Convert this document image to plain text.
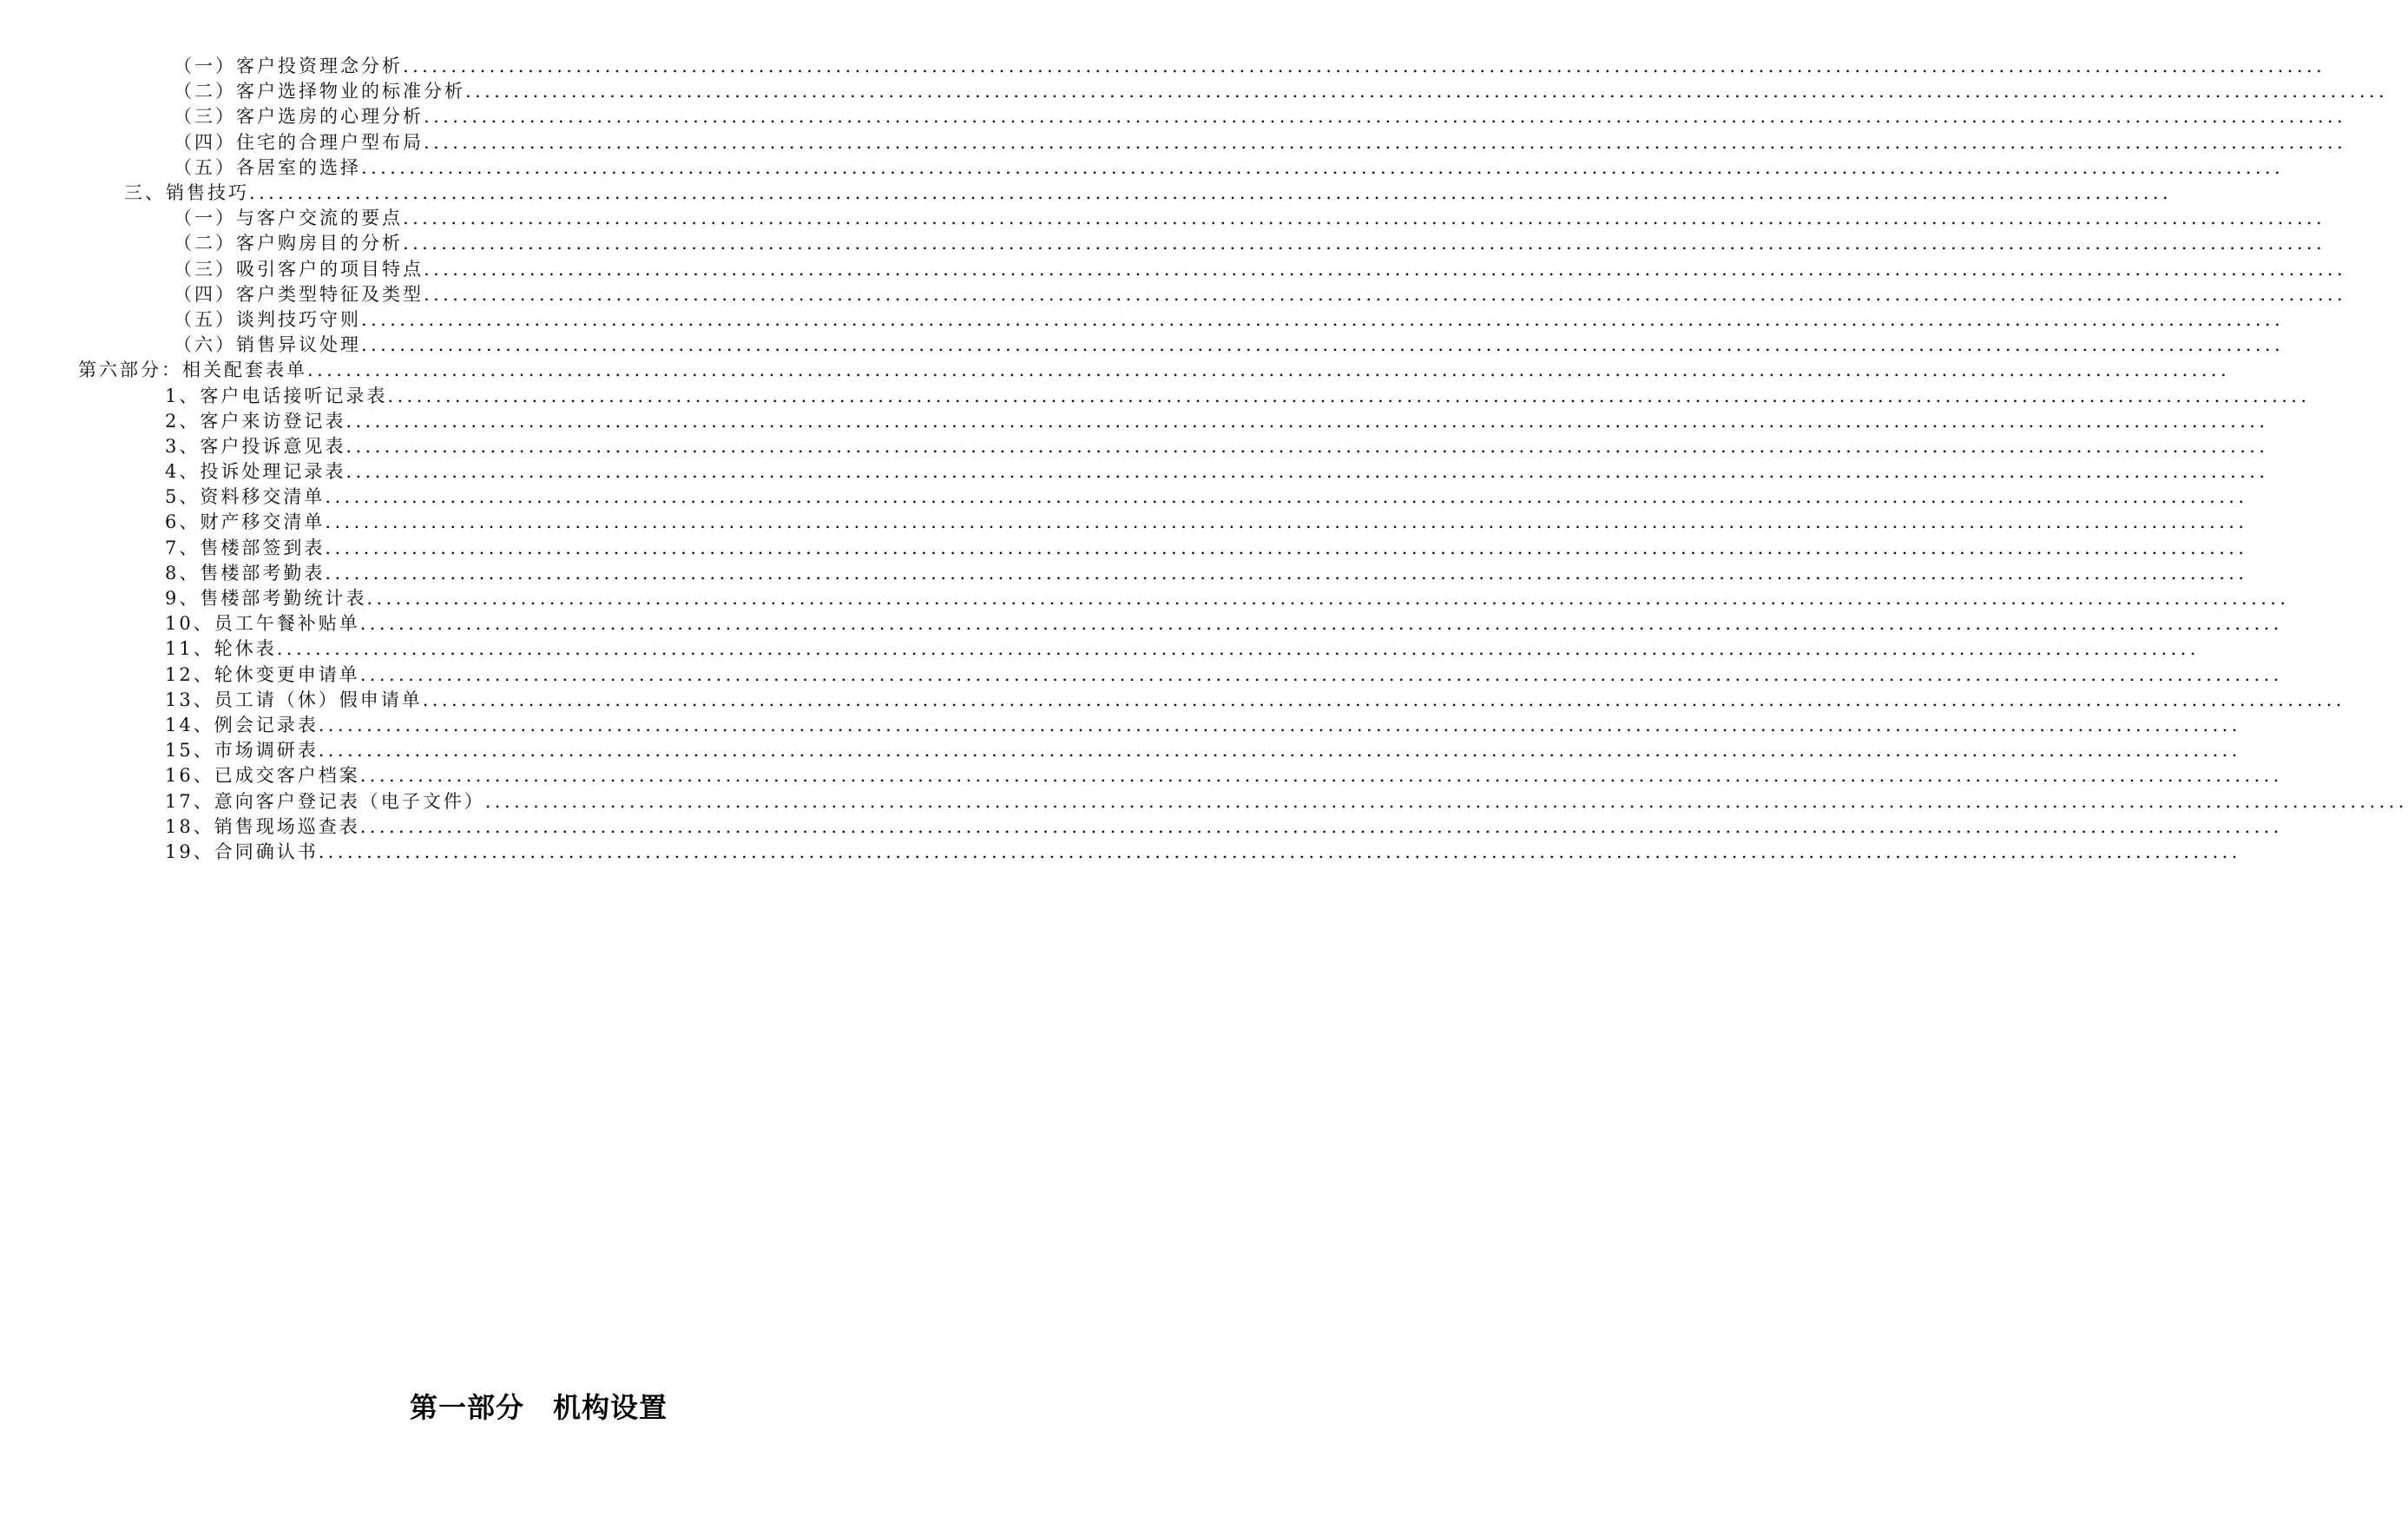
（一）客户投资理念分析 ........................................................................................................................................................................................................
（二）客户选择物业的标准分析 ........................................................................................................................................................................................................
（三）客户选房的心理分析 ........................................................................................................................................................................................................
（四）住宅的合理户型布局 ........................................................................................................................................................................................................
（五）各居室的选择 ........................................................................................................................................................................................................
三、销售技巧 ........................................................................................................................................................................................................
（一）与客户交流的要点 ........................................................................................................................................................................................................
（二）客户购房目的分析 ........................................................................................................................................................................................................
（三）吸引客户的项目特点 ........................................................................................................................................................................................................
（四）客户类型特征及类型 ........................................................................................................................................................................................................
（五）谈判技巧守则 ........................................................................................................................................................................................................
（六）销售异议处理 ........................................................................................................................................................................................................
第六部分：相关配套表单 ........................................................................................................................................................................................................
1、客户电话接听记录表 ........................................................................................................................................................................................................
2、客户来访登记表 ........................................................................................................................................................................................................
3、客户投诉意见表 ........................................................................................................................................................................................................
4、投诉处理记录表 ........................................................................................................................................................................................................
5、资料移交清单 ........................................................................................................................................................................................................
6、财产移交清单 ........................................................................................................................................................................................................
7、售楼部签到表 ........................................................................................................................................................................................................
8、售楼部考勤表 ........................................................................................................................................................................................................
9、售楼部考勤统计表 ........................................................................................................................................................................................................
10、员工午餐补贴单 ........................................................................................................................................................................................................
11、轮休表 ........................................................................................................................................................................................................
12、轮休变更申请单 ........................................................................................................................................................................................................
13、员工请（休）假申请单 ........................................................................................................................................................................................................
14、例会记录表 ........................................................................................................................................................................................................
15、市场调研表 ........................................................................................................................................................................................................
16、已成交客户档案 ........................................................................................................................................................................................................
17、意向客户登记表（电子文件） ........................................................................................................................................................................................................
18、销售现场巡查表 ........................................................................................................................................................................................................
19、合同确认书 ........................................................................................................................................................................................................
第一部分　机构设置
